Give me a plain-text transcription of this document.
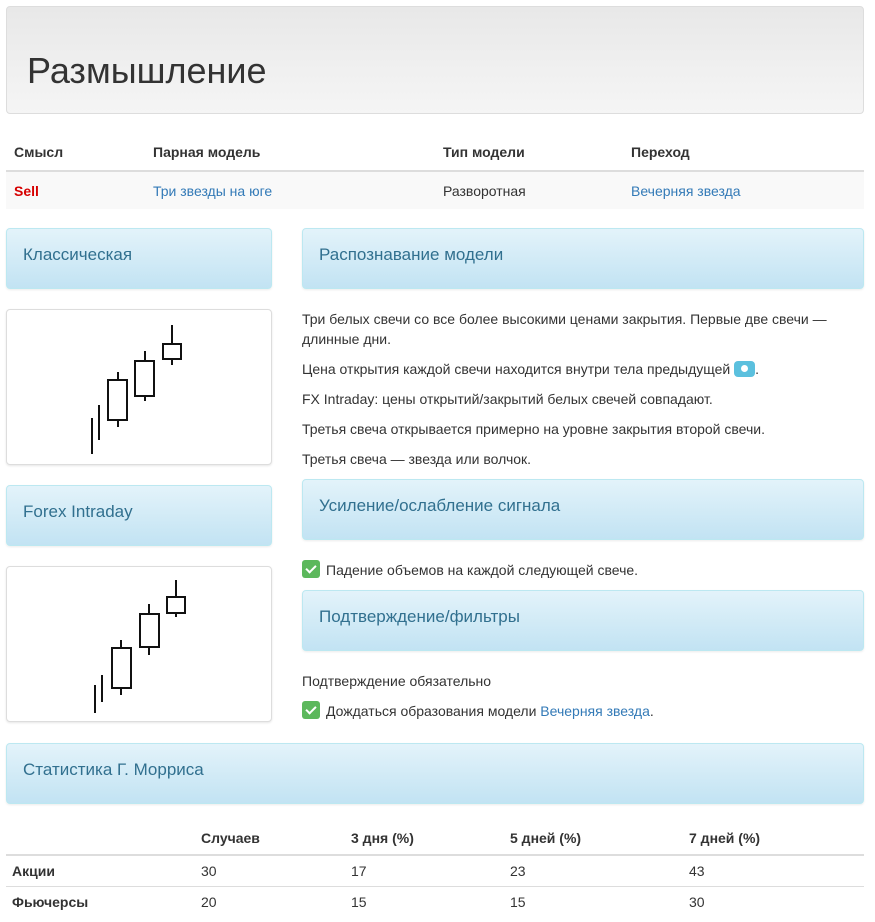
Размышление
Смысл	Парная модель	Тип модели	Переход
Sell	Три звезды на юге	Разворотная	Вечерняя звезда
Классическая
Forex Intraday
Распознавание модели
Три белых свечи со все более высокими ценами закрытия. Первые две свечи — длинные дни.
Цена открытия каждой свечи находится внутри тела предыдущей .
FX Intraday: цены открытий/закрытий белых свечей совпадают.
Третья свеча открывается примерно на уровне закрытия второй свечи.
Третья свеча — звезда или волчок.
Усиление/ослабление сигнала
Падение объемов на каждой следующей свече.
Подтверждение/фильтры
Подтверждение обязательно
Дождаться образования модели Вечерняя звезда.
Статистика Г. Морриса
	Случаев	3 дня (%)	5 дней (%)	7 дней (%)
Акции	30	17	23	43
Фьючерсы	20	15	15	30
